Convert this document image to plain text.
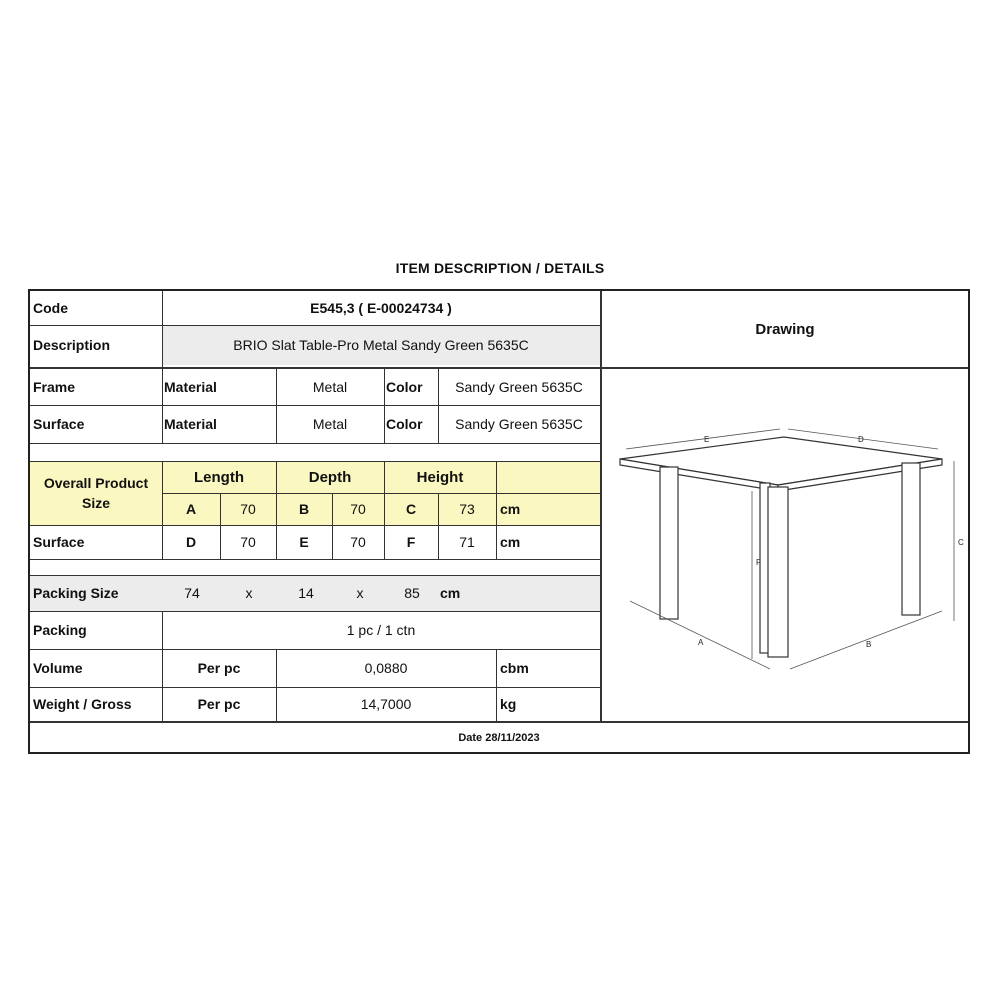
ITEM DESCRIPTION / DETAILS
Code	E545,3 ( E-00024734 )
Description	BRIO Slat Table-Pro Metal Sandy Green 5635C
Drawing
Frame	Material	Metal	Color	Sandy Green 5635C
Surface	Material	Metal	Color	Sandy Green 5635C
Overall Product Size
Length	Depth	Height
A	70	B	70	C	73	cm
Surface	D	70	E	70	F	71	cm
Packing Size	74	x	14	x	85	cm
Packing	1 pc / 1 ctn
Volume	Per pc	0,0880	cbm
Weight / Gross	Per pc	14,7000	kg
Date 28/11/2023
E	D
C
F
A	B
